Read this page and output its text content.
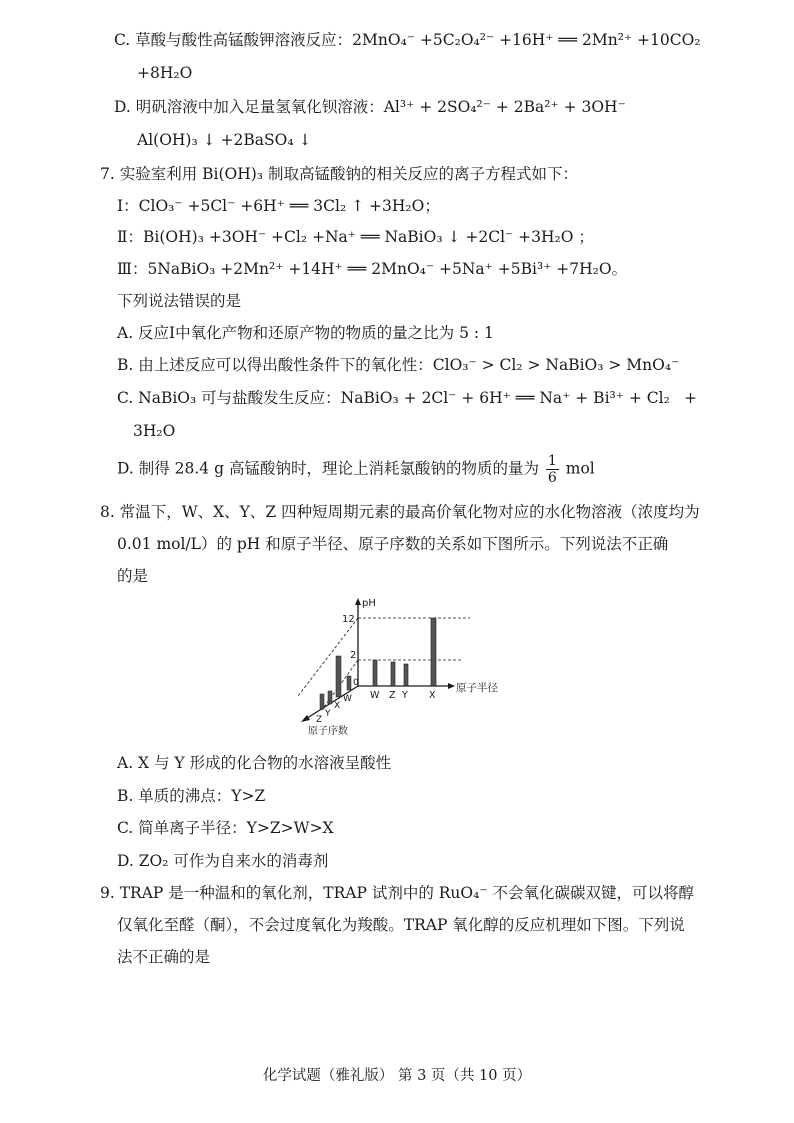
C. 草酸与酸性高锰酸钾溶液反应：2MnO₄⁻ +5C₂O₄²⁻ +16H⁺ ══ 2Mn²⁺ +10CO₂
+8H₂O
D. 明矾溶液中加入足量氢氧化钡溶液：Al³⁺ + 2SO₄²⁻ + 2Ba²⁺ + 3OH⁻
Al(OH)₃ ↓ +2BaSO₄ ↓
7. 实验室利用 Bi(OH)₃ 制取高锰酸钠的相关反应的离子方程式如下：
Ⅰ：ClO₃⁻ +5Cl⁻ +6H⁺ ══ 3Cl₂ ↑ +3H₂O；
Ⅱ：Bi(OH)₃ +3OH⁻ +Cl₂ +Na⁺ ══ NaBiO₃ ↓ +2Cl⁻ +3H₂O ；
Ⅲ：5NaBiO₃ +2Mn²⁺ +14H⁺ ══ 2MnO₄⁻ +5Na⁺ +5Bi³⁺ +7H₂O。
下列说法错误的是
A. 反应Ⅰ中氧化产物和还原产物的物质的量之比为 5 : 1
B. 由上述反应可以得出酸性条件下的氧化性：ClO₃⁻ > Cl₂ > NaBiO₃ > MnO₄⁻
C. NaBiO₃ 可与盐酸发生反应：NaBiO₃ + 2Cl⁻ + 6H⁺ ══ Na⁺ + Bi³⁺ + Cl₂ +
3H₂O
D. 制得 28.4 g 高锰酸钠时，理论上消耗氯酸钠的物质的量为 $\frac{1}{6}$ mol
8. 常温下，W、X、Y、Z 四种短周期元素的最高价氧化物对应的水化物溶液（浓度均为
0.01 mol/L）的 pH 和原子半径、原子序数的关系如下图所示。下列说法不正确
的是
pH
原子半径
原子序数
12
2
0
W Z Y X
Z
Y
X
W
A. X 与 Y 形成的化合物的水溶液呈酸性
B. 单质的沸点：Y>Z
C. 简单离子半径：Y>Z>W>X
D. ZO₂ 可作为自来水的消毒剂
9. TRAP 是一种温和的氧化剂，TRAP 试剂中的 RuO₄⁻ 不会氧化碳碳双键，可以将醇
仅氧化至醛（酮），不会过度氧化为羧酸。TRAP 氧化醇的反应机理如下图。下列说
法不正确的是
化学试题（雅礼版） 第 3 页（共 10 页）
